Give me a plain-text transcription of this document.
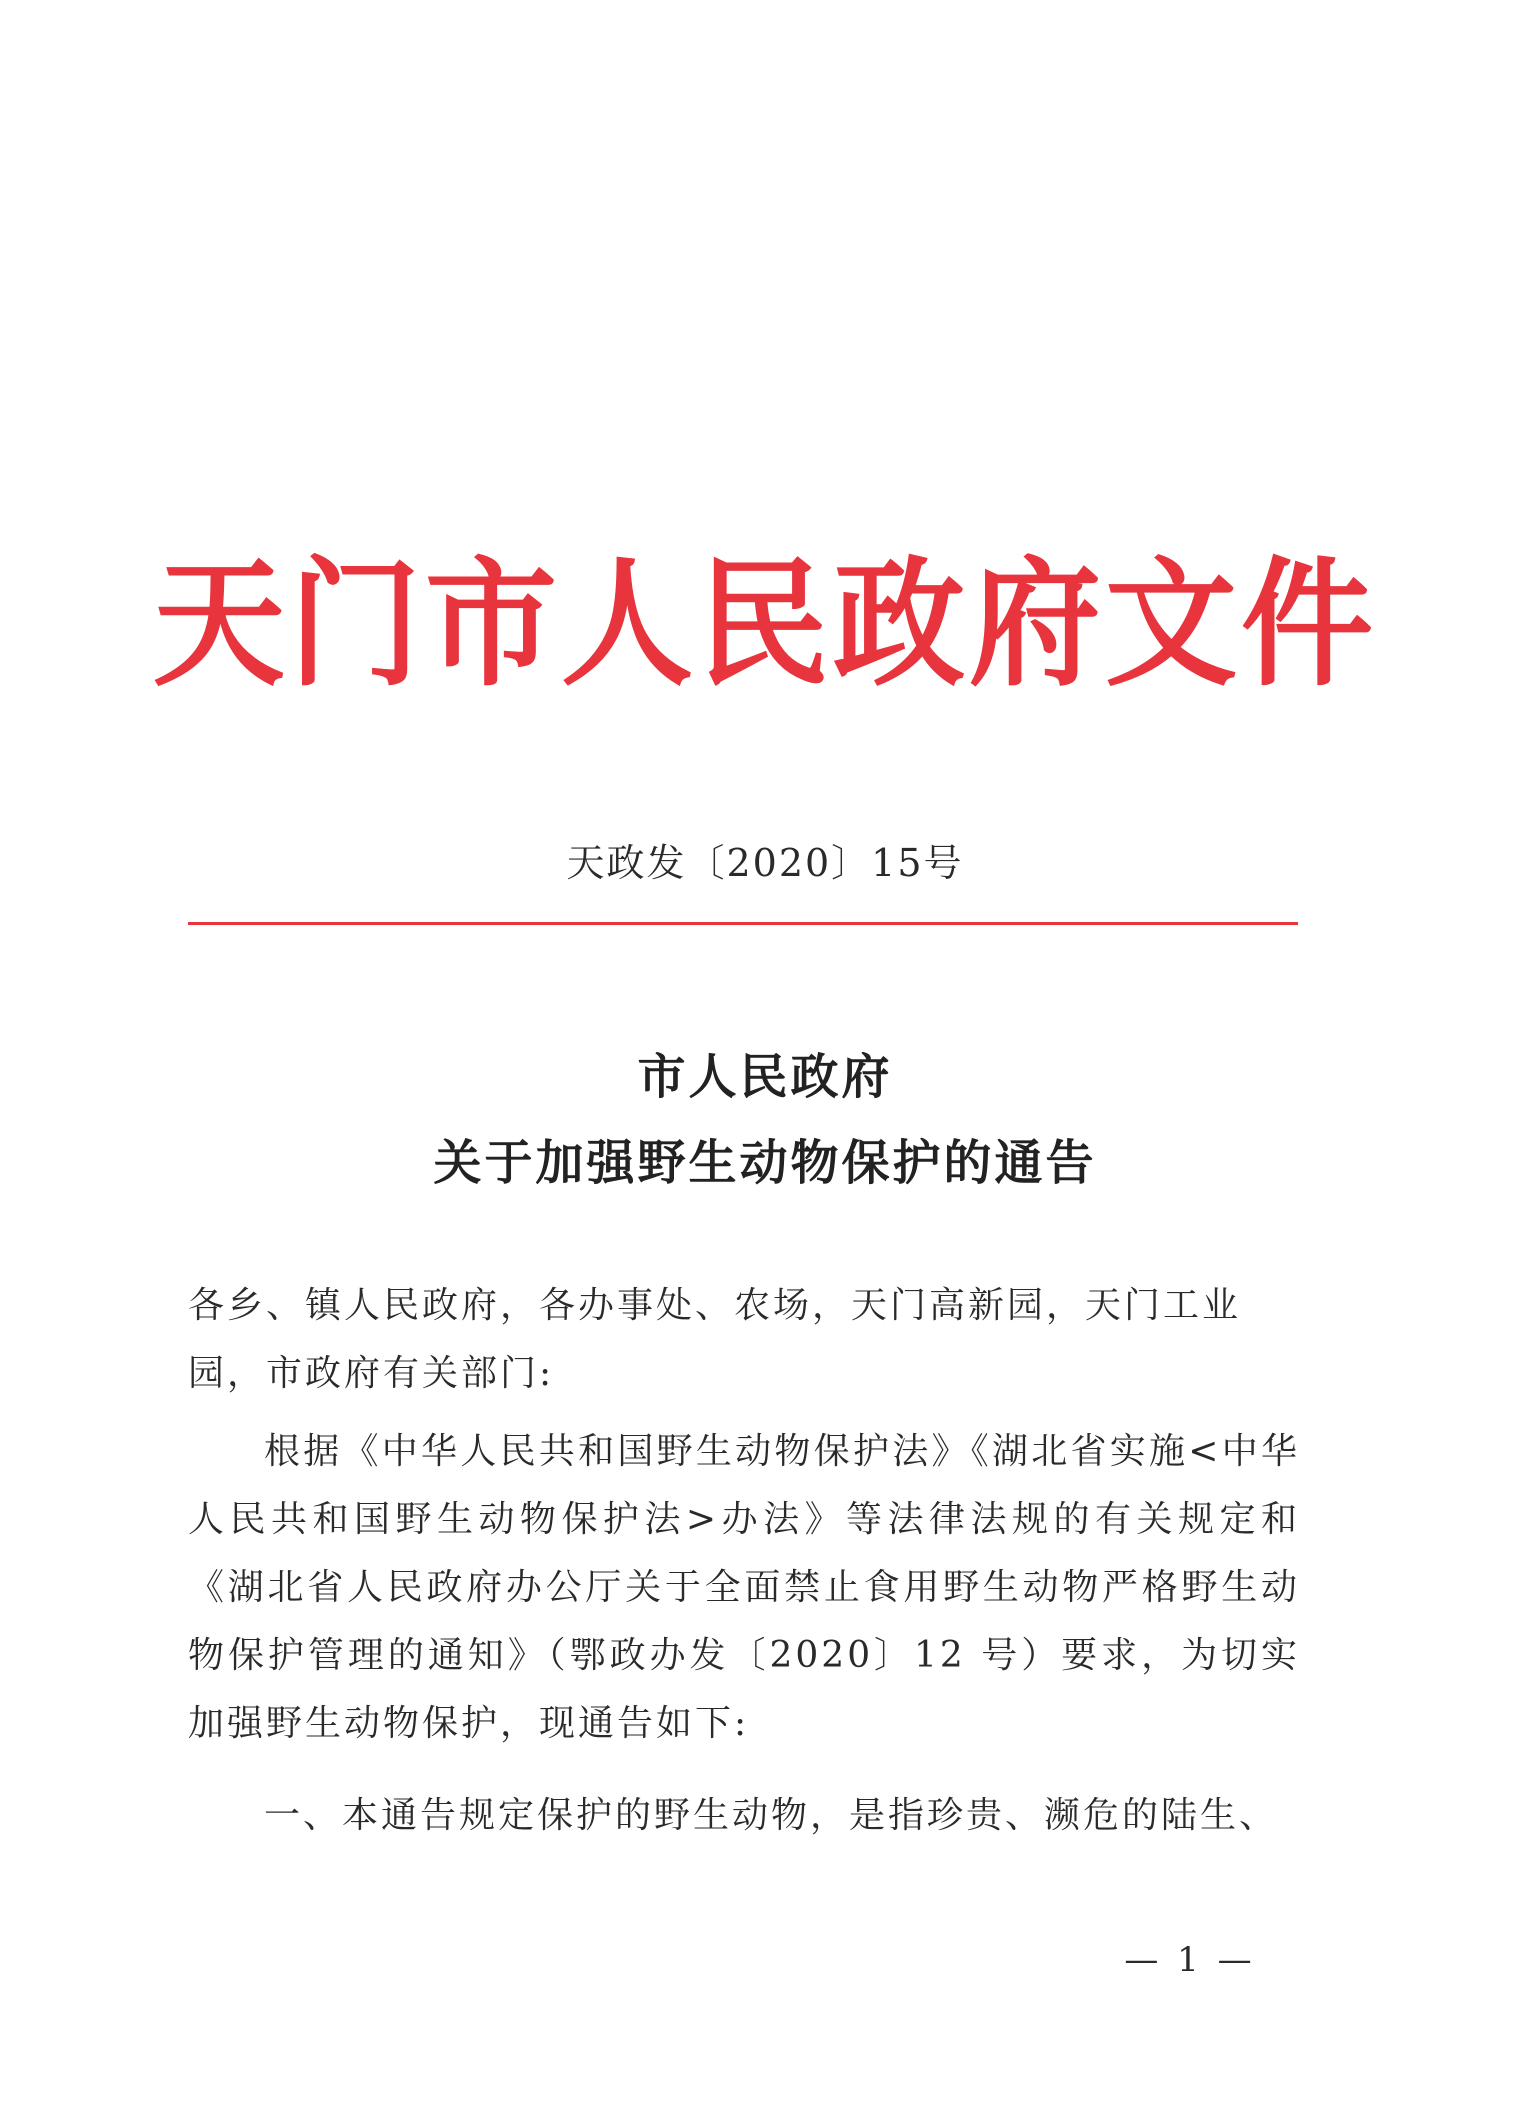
天门市人民政府文件
天政发〔2020〕15号
市人民政府
关于加强野生动物保护的通告
各乡、镇人民政府，各办事处、农场，天门高新园，天门工业园，市政府有关部门:
根据《中华人民共和国野生动物保护法》《湖北省实施<中华人民共和国野生动物保护法>办法》等法律法规的有关规定和《湖北省人民政府办公厅关于全面禁止食用野生动物严格野生动物保护管理的通知》（鄂政办发〔2020〕12 号）要求，为切实加强野生动物保护，现通告如下:
一、本通告规定保护的野生动物，是指珍贵、濒危的陆生、
— 1 —
